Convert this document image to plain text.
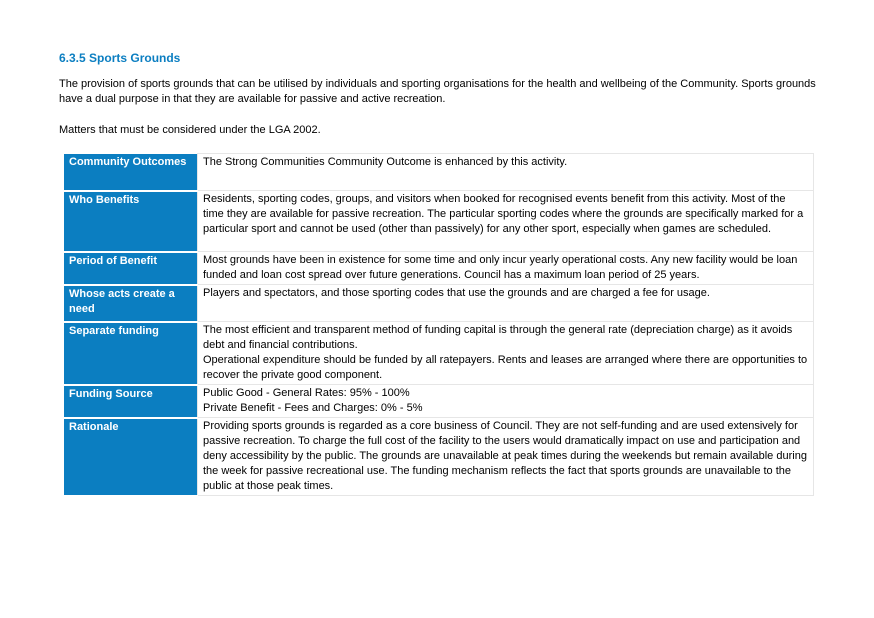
6.3.5 Sports Grounds
The provision of sports grounds that can be utilised by individuals and sporting organisations for the health and wellbeing of the Community. Sports grounds have a dual purpose in that they are available for passive and active recreation.
Matters that must be considered under the LGA 2002.
Community Outcomes	The Strong Communities Community Outcome is enhanced by this activity.

Who Benefits	Residents, sporting codes, groups, and visitors when booked for recognised events benefit from this activity. Most of the time they are available for passive recreation. The particular sporting codes where the grounds are specifically marked for a particular sport and cannot be used (other than passively) for any other sport, especially when games are scheduled.

Period of Benefit	Most grounds have been in existence for some time and only incur yearly operational costs. Any new facility would be loan funded and loan cost spread over future generations. Council has a maximum loan period of 25 years.

Whose acts create a need	Players and spectators, and those sporting codes that use the grounds and are charged a fee for usage.

Separate funding	The most efficient and transparent method of funding capital is through the general rate (depreciation charge) as it avoids debt and financial contributions.
Operational expenditure should be funded by all ratepayers. Rents and leases are arranged where there are opportunities to recover the private good component.

Funding Source	Public Good - General Rates: 95% - 100%
Private Benefit - Fees and Charges: 0% - 5%

Rationale	Providing sports grounds is regarded as a core business of Council. They are not self-funding and are used extensively for passive recreation. To charge the full cost of the facility to the users would dramatically impact on use and participation and deny accessibility by the public. The grounds are unavailable at peak times during the weekends but remain available during the week for passive recreational use. The funding mechanism reflects the fact that sports grounds are unavailable to the public at those peak times.
